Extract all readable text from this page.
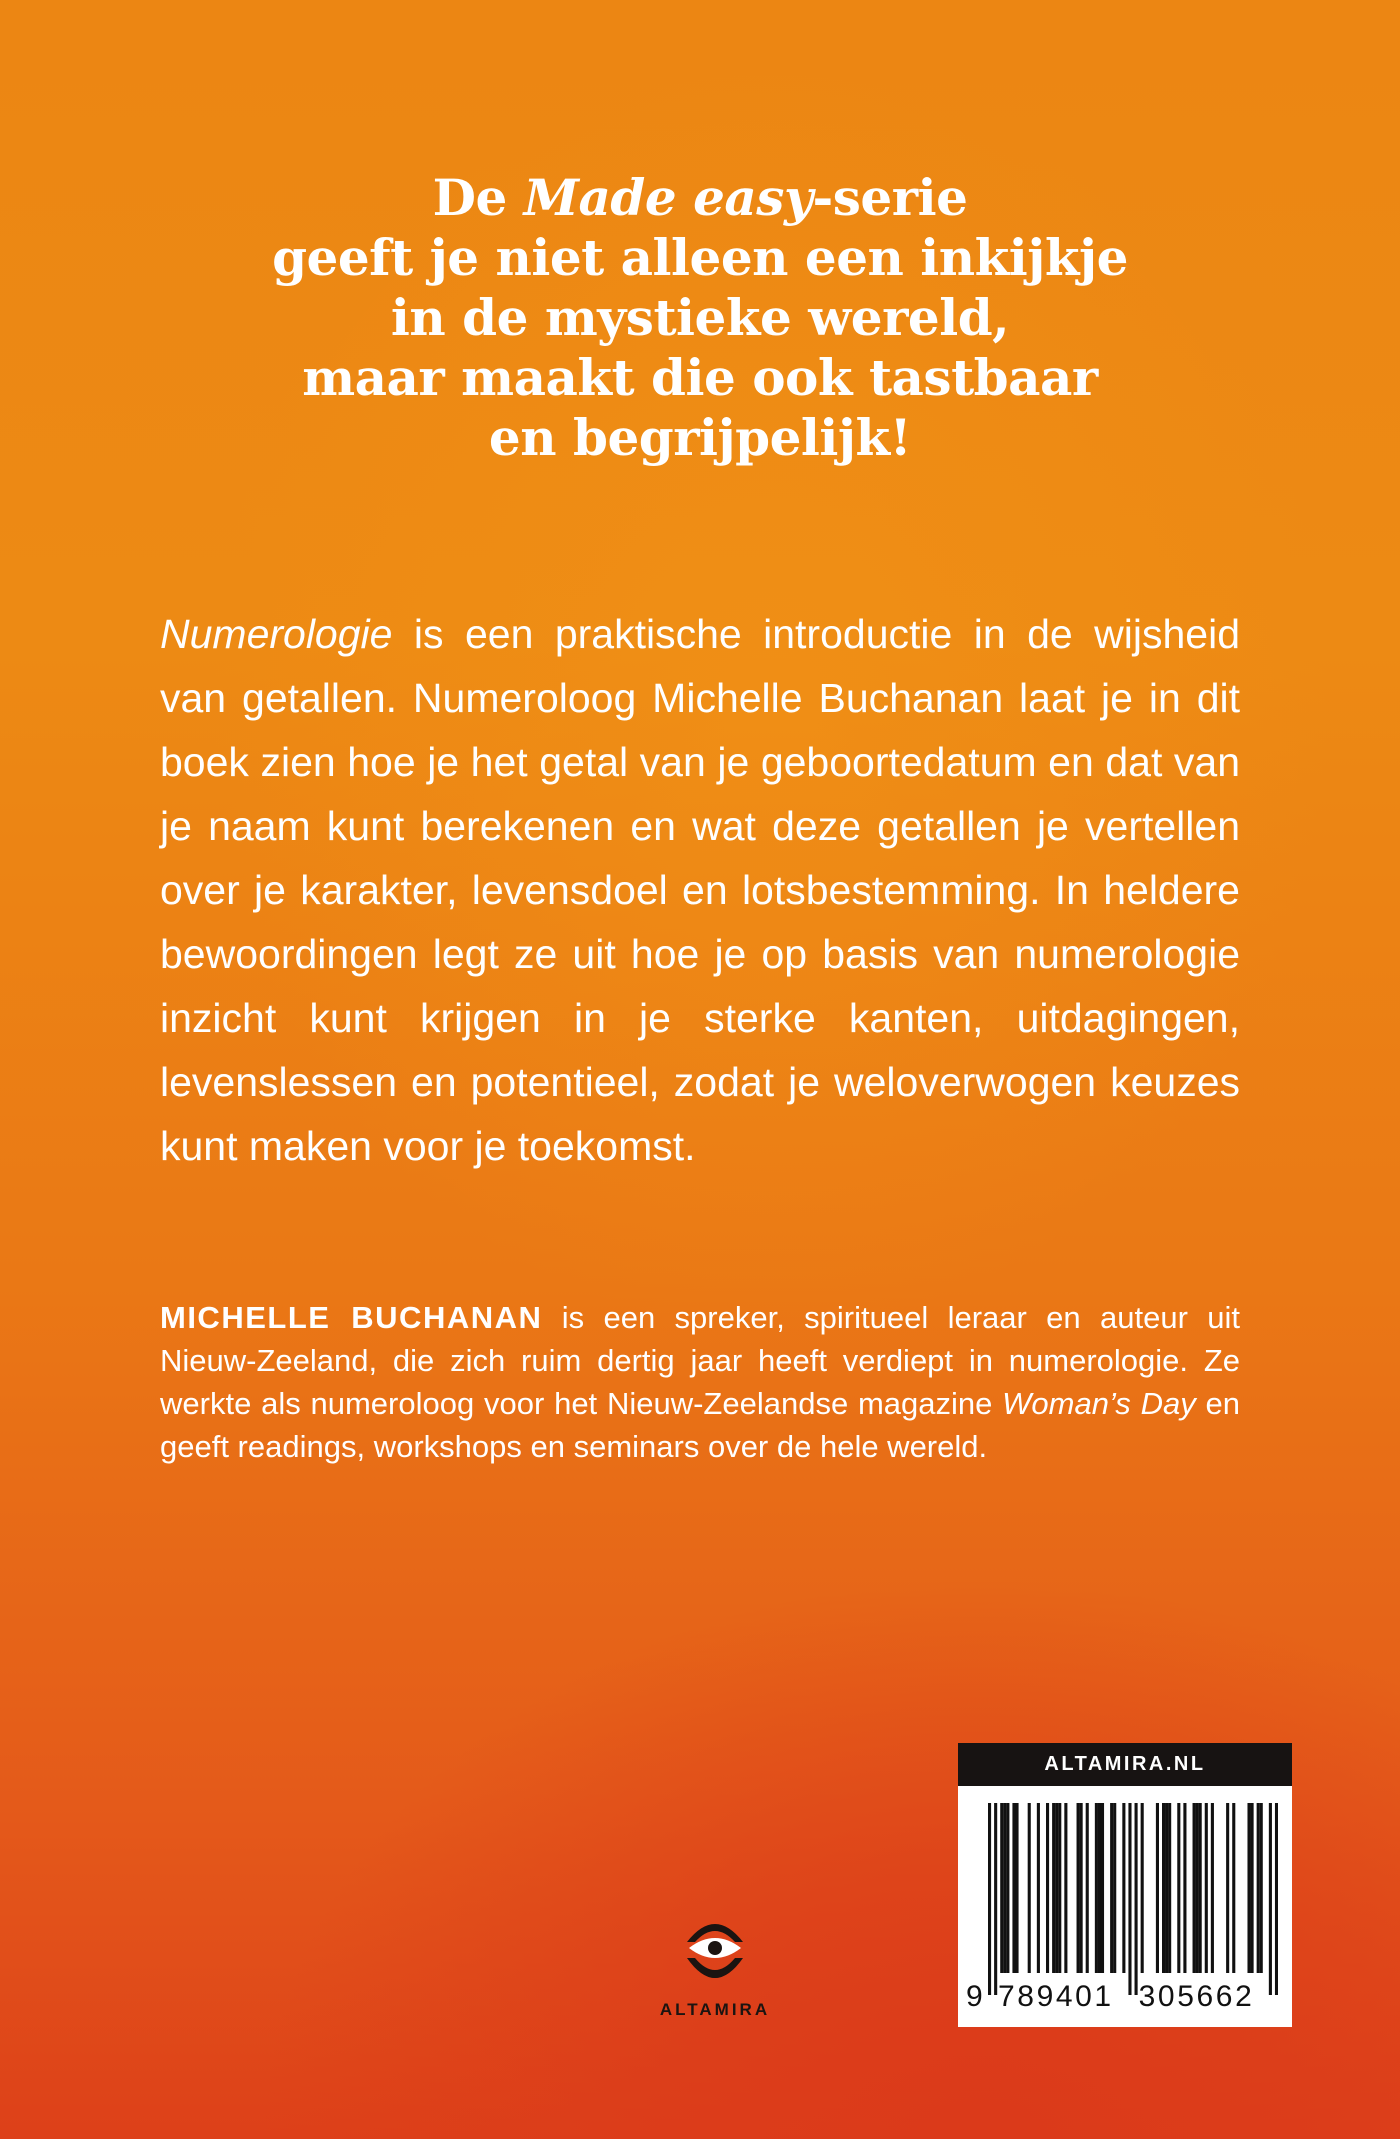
De Made easy-serie
geeft je niet alleen een inkijkje
in de mystieke wereld,
maar maakt die ook tastbaar
en begrijpelijk!

Numerologie is een praktische introductie in de wijsheid van getallen. Numeroloog Michelle Buchanan laat je in dit boek zien hoe je het getal van je geboortedatum en dat van je naam kunt berekenen en wat deze getallen je vertellen over je karakter, levensdoel en lotsbestemming. In heldere bewoordingen legt ze uit hoe je op basis van numerologie inzicht kunt krijgen in je sterke kanten, uitdagingen, levenslessen en potentieel, zodat je weloverwogen keuzes kunt maken voor je toekomst.

MICHELLE BUCHANAN is een spreker, spiritueel leraar en auteur uit Nieuw-Zeeland, die zich ruim dertig jaar heeft verdiept in numerologie. Ze werkte als numeroloog voor het Nieuw-Zeelandse magazine Woman’s Day en geeft readings, workshops en seminars over de hele wereld.

ALTAMIRA
ALTAMIRA.NL
9 789401 305662
